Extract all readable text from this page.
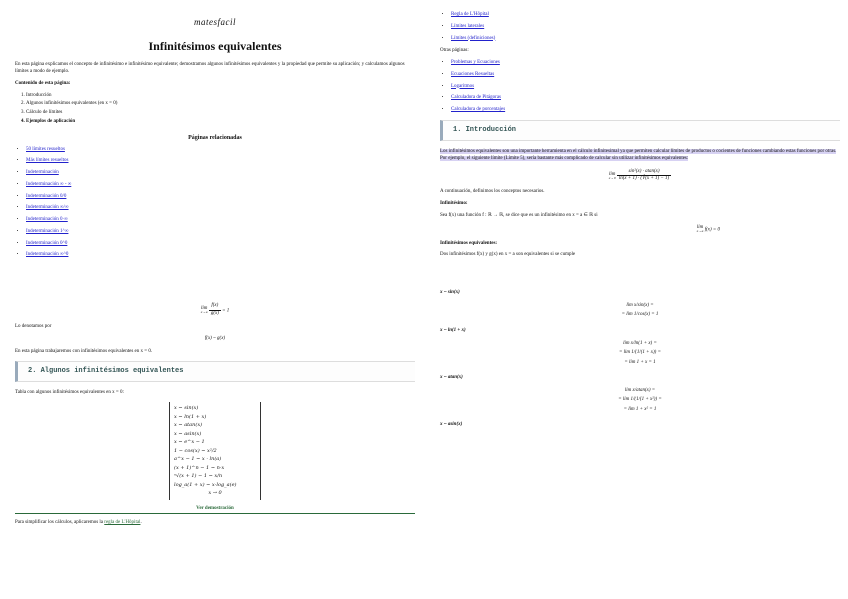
matesfacil
Infinitésimos equivalentes

En esta página explicamos el concepto de infinitésimo e infinitésimo equivalente; demostramos algunos infinitésimos equivalentes y la propiedad que permite su aplicación; y calculamos algunos límites a modo de ejemplo.

Contenido de esta página:

1. Introducción
2. Algunos infinitésimos equivalentes (en x = 0)
3. Cálculo de límites
4. Ejemplos de aplicación
Páginas relacionadas
• 50 límites resueltos
• Más límites resueltos
• Indeterminación
• Indeterminación ∞ - ∞
• Indeterminación 0/0
• Indeterminación ∞/∞
• Indeterminación 0·∞
• Indeterminación 1^∞
• Indeterminación 0^0
• Indeterminación ∞^0
lim
x→a
$\frac{f(x)}{g(x)} = 1$

Lo denotamos por

f(x) ~ g(x)

En esta página trabajaremos con infinitésimos equivalentes en x = 0.

2. Algunos infinitésimos equivalentes

Tabla con algunos infinitésimos equivalentes en x = 0:

x ~ sin(x)
x ~ ln(1 + x)
x ~ atan(x)
x ~ asin(x)
x ~ e^x − 1
1 − cos(x) ~ x²/2
a^x − 1 ~ x · ln(a)
(x + 1)^n − 1 ~ n·x
ⁿ√(x + 1) − 1 ~ x/n
log_a(1 + x) ~ x·log_a(e)
x → 0
Ver demostración

Para simplificar los cálculos, aplicaremos la regla de L'Hôpital.

• Regla de L'Hôpital
• Límites laterales
• Límites (definiciones)

Otras páginas:

• Problemas y Ecuaciones
• Ecuaciones Resueltas
• Logaritmos
• Calculadora de Pitágoras
• Calculadora de porcentajes
1. Introducción

Los infinitésimos equivalentes son una importante herramienta en el cálculo infinitesimal ya que permiten calcular límites de productos o cocientes de funciones cambiando estas funciones por otras. Por ejemplo, el siguiente límite (Límite 5), sería bastante más complicado de calcular sin utilizar infinitésimos equivalentes:

lim
x→0
$\frac{\text{sin²(x) · atan(x)}}{\ln(x + 1) \cdot (∛(x + 1) - 1)}$

A continuación, definimos los conceptos necesarios.

Infinitésimo:

Sea f(x) una función f : ℝ → ℝ, se dice que es un infinitésimo en x = a ∈ ℝ si

lim
x→a f(x) = 0

Infinitésimos equivalentes:

Dos infinitésimos f(x) y g(x) en x = a son equivalentes si se cumple

x ~ sin(x)
lim x/sin(x) =
= lim 1/cos(x) = 1
x ~ ln(1 + x)
lim x/ln(1 + x) =
= lim 1/(1/(1 + x)) =
= lim 1 + x = 1
x ~ atan(x)
lim x/atan(x) =
= lim 1/(1/(1 + x²)) =
= lim 1 + x² = 1
x ~ asin(x)
